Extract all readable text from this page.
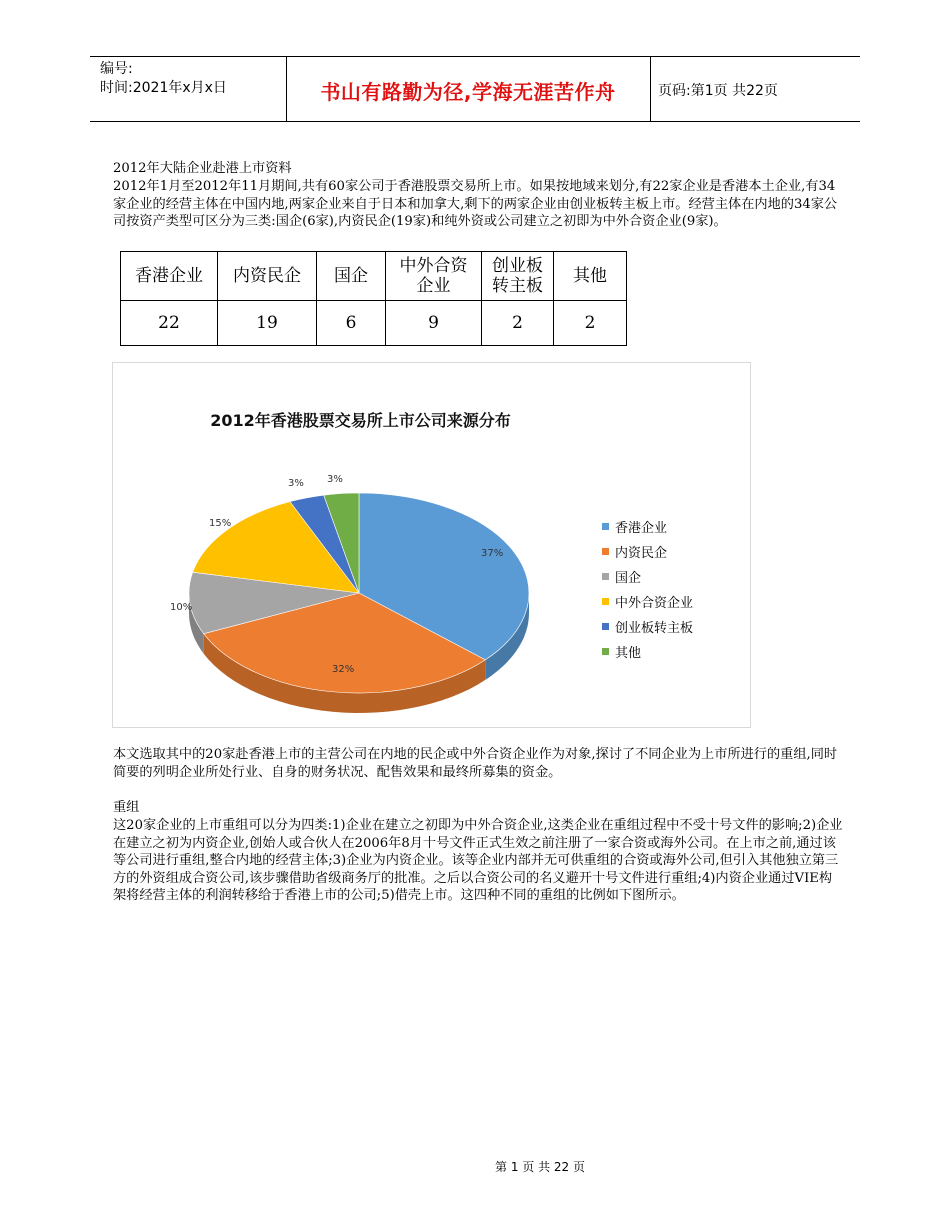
编号:
时间:2021年x月x日	书山有路勤为径,学海无涯苦作舟	页码:第1页 共22页
2012年大陆企业赴港上市资料
2012年1月至2012年11月期间,共有60家公司于香港股票交易所上市。如果按地域来划分,有22家企业是香港本土企业,有34家企业的经营主体在中国内地,两家企业来自于日本和加拿大,剩下的两家企业由创业板转主板上市。经营主体在内地的34家公司按资产类型可区分为三类:国企(6家),内资民企(19家)和纯外资或公司建立之初即为中外合资企业(9家)。
香港企业	内资民企	国企	中外合资企业	创业板转主板	其他
22	19	6	9	2	2
2012年香港股票交易所上市公司来源分布
37%
32%
10%
15%
3% 3%
香港企业
内资民企
国企
中外合资企业
创业板转主板
其他
本文选取其中的20家赴香港上市的主营公司在内地的民企或中外合资企业作为对象,探讨了不同企业为上市所进行的重组,同时简要的列明企业所处行业、自身的财务状况、配售效果和最终所募集的资金。
重组
这20家企业的上市重组可以分为四类:1)企业在建立之初即为中外合资企业,这类企业在重组过程中不受十号文件的影响;2)企业在建立之初为内资企业,创始人或合伙人在2006年8月十号文件正式生效之前注册了一家合资或海外公司。在上市之前,通过该等公司进行重组,整合内地的经营主体;3)企业为内资企业。该等企业内部并无可供重组的合资或海外公司,但引入其他独立第三方的外资组成合资公司,该步骤借助省级商务厅的批准。之后以合资公司的名义避开十号文件进行重组;4)内资企业通过VIE构架将经营主体的利润转移给于香港上市的公司;5)借壳上市。这四种不同的重组的比例如下图所示。
第 1 页 共 22 页
